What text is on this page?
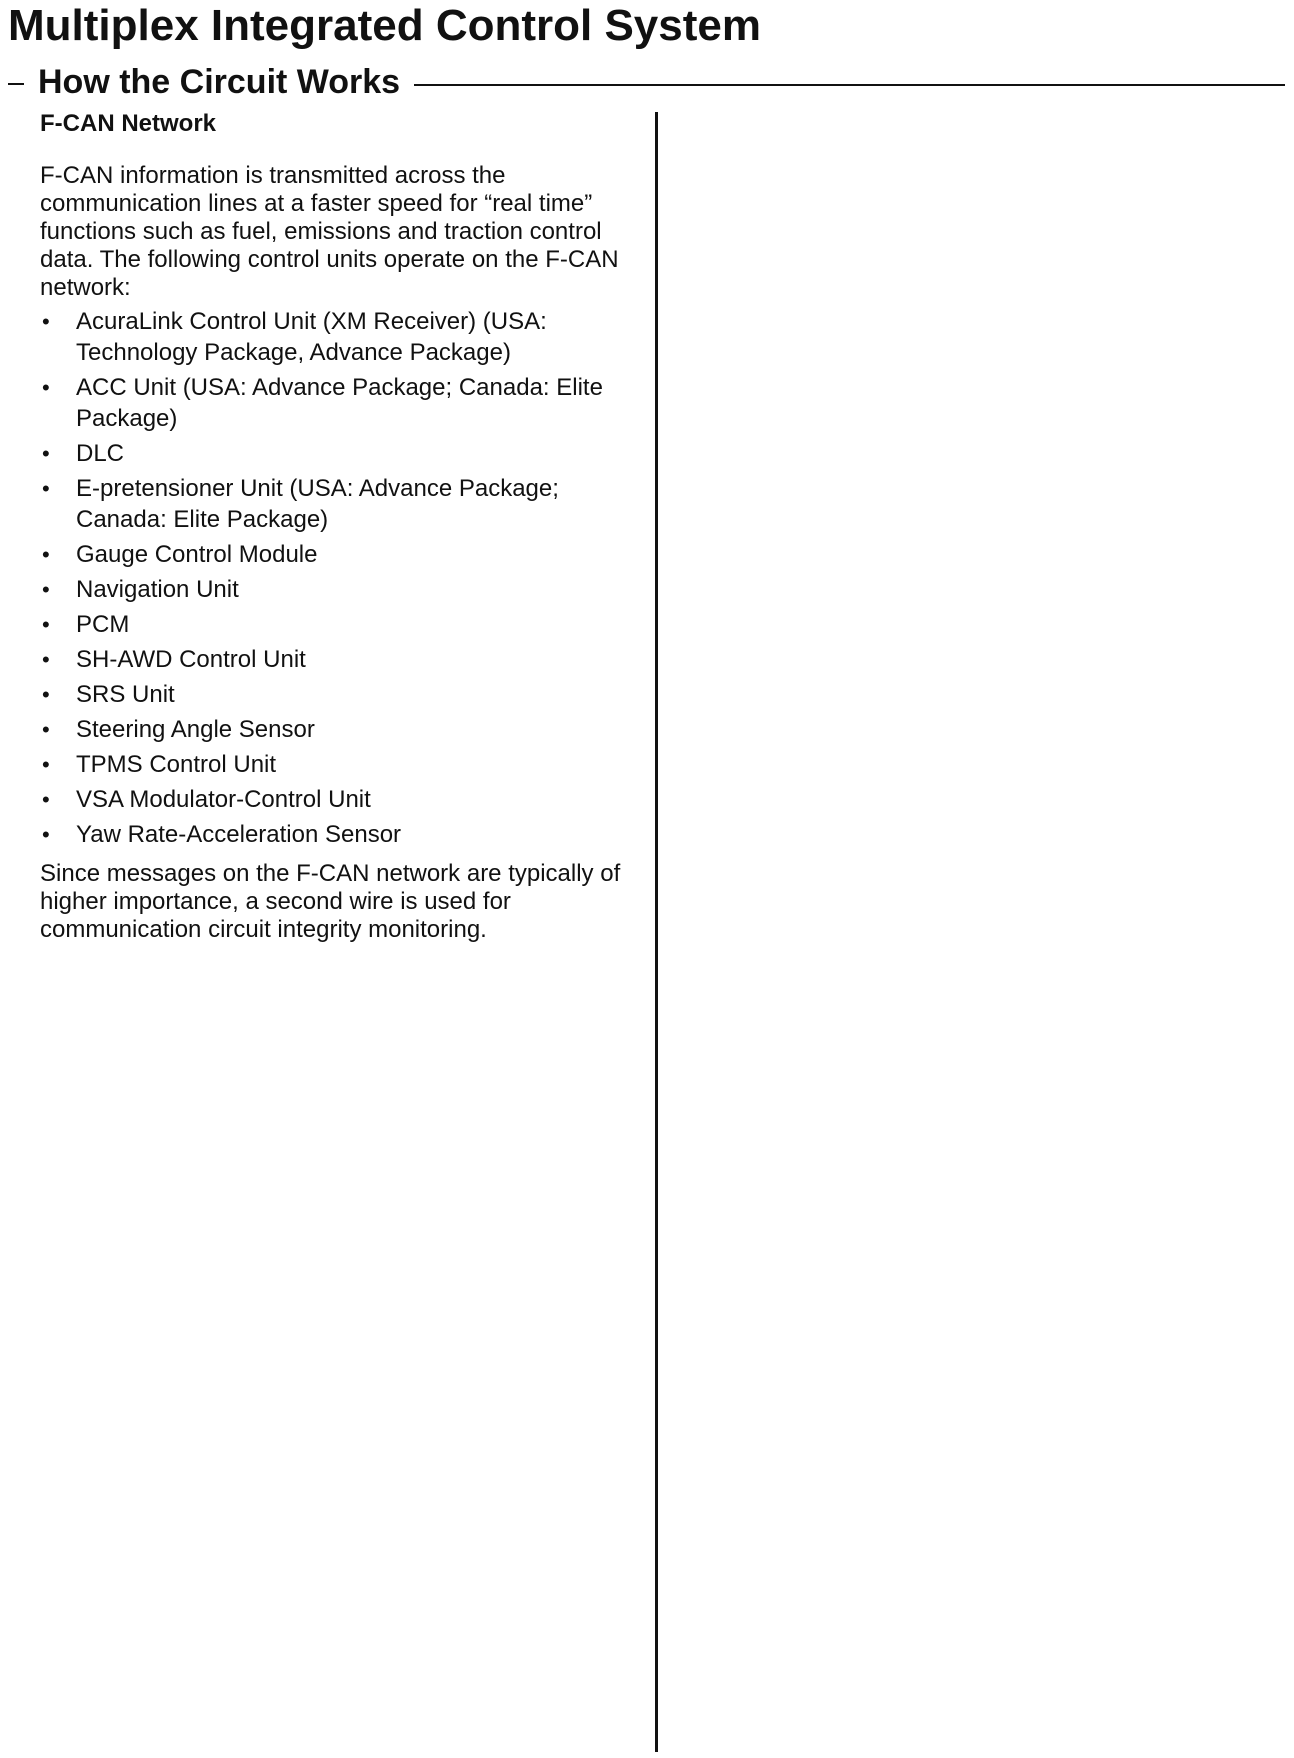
Multiplex Integrated Control System
How the Circuit Works
F-CAN Network

F-CAN information is transmitted across the communication lines at a faster speed for “real time” functions such as fuel, emissions and traction control data. The following control units operate on the F-CAN network:

• AcuraLink Control Unit (XM Receiver) (USA: Technology Package, Advance Package)
• ACC Unit (USA: Advance Package; Canada: Elite Package)
• DLC
• E-pretensioner Unit (USA: Advance Package; Canada: Elite Package)
• Gauge Control Module
• Navigation Unit
• PCM
• SH-AWD Control Unit
• SRS Unit
• Steering Angle Sensor
• TPMS Control Unit
• VSA Modulator-Control Unit
• Yaw Rate-Acceleration Sensor

Since messages on the F-CAN network are typically of higher importance, a second wire is used for communication circuit integrity monitoring.
